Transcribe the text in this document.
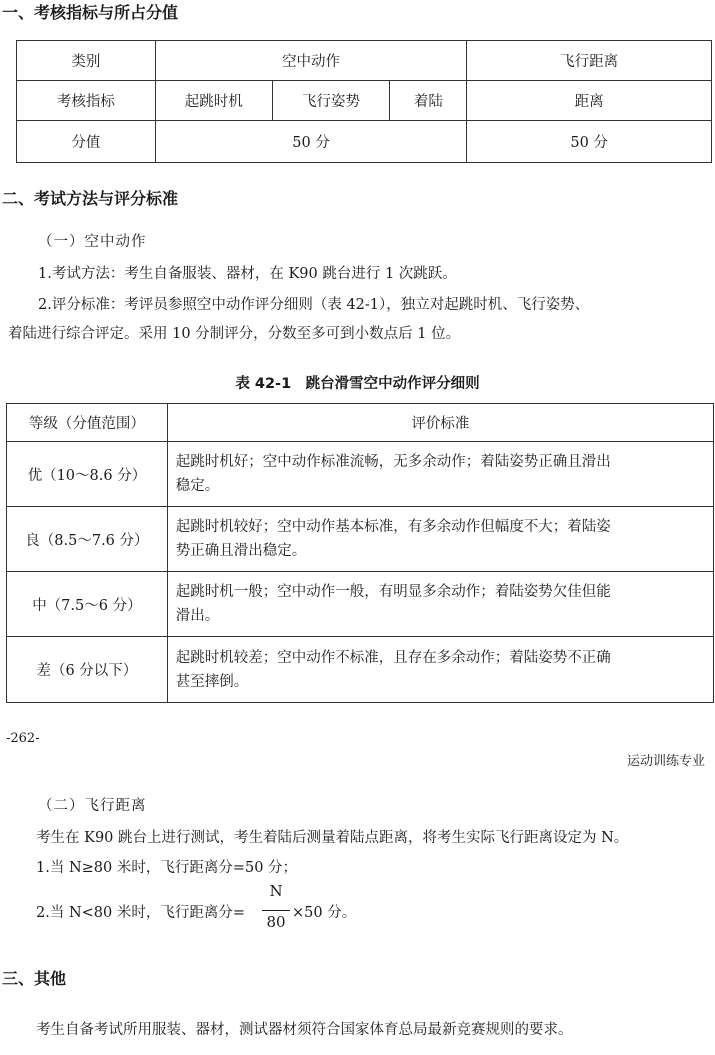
一、考核指标与所占分值
类别	空中动作			飞行距离
考核指标	起跳时机	飞行姿势	着陆	距离
分值	50 分			50 分
二、考试方法与评分标准
（一）空中动作
1.考试方法：考生自备服装、器材，在 K90 跳台进行 1 次跳跃。
2.评分标准：考评员参照空中动作评分细则（表 42-1），独立对起跳时机、飞行姿势、
着陆进行综合评定。采用 10 分制评分，分数至多可到小数点后 1 位。
表 42-1　跳台滑雪空中动作评分细则
等级（分值范围）	评价标准
优（10～8.6 分）	起跳时机好；空中动作标准流畅，无多余动作；着陆姿势正确且滑出
稳定。

良（8.5～7.6 分）	起跳时机较好；空中动作基本标准，有多余动作但幅度不大；着陆姿
势正确且滑出稳定。

中（7.5～6 分）	起跳时机一般；空中动作一般，有明显多余动作；着陆姿势欠佳但能
滑出。

差（6 分以下）	起跳时机较差；空中动作不标准，且存在多余动作；着陆姿势不正确
甚至摔倒。
-262-
运动训练专业
（二）飞行距离
考生在 K90 跳台上进行测试，考生着陆后测量着陆点距离，将考生实际飞行距离设定为 N。
1.当 N≥80 米时，飞行距离分=50 分；
2.当 N<80 米时，飞行距离分=
N
80 ×50 分。
三、其他
考生自备考试所用服装、器材，测试器材须符合国家体育总局最新竞赛规则的要求。
